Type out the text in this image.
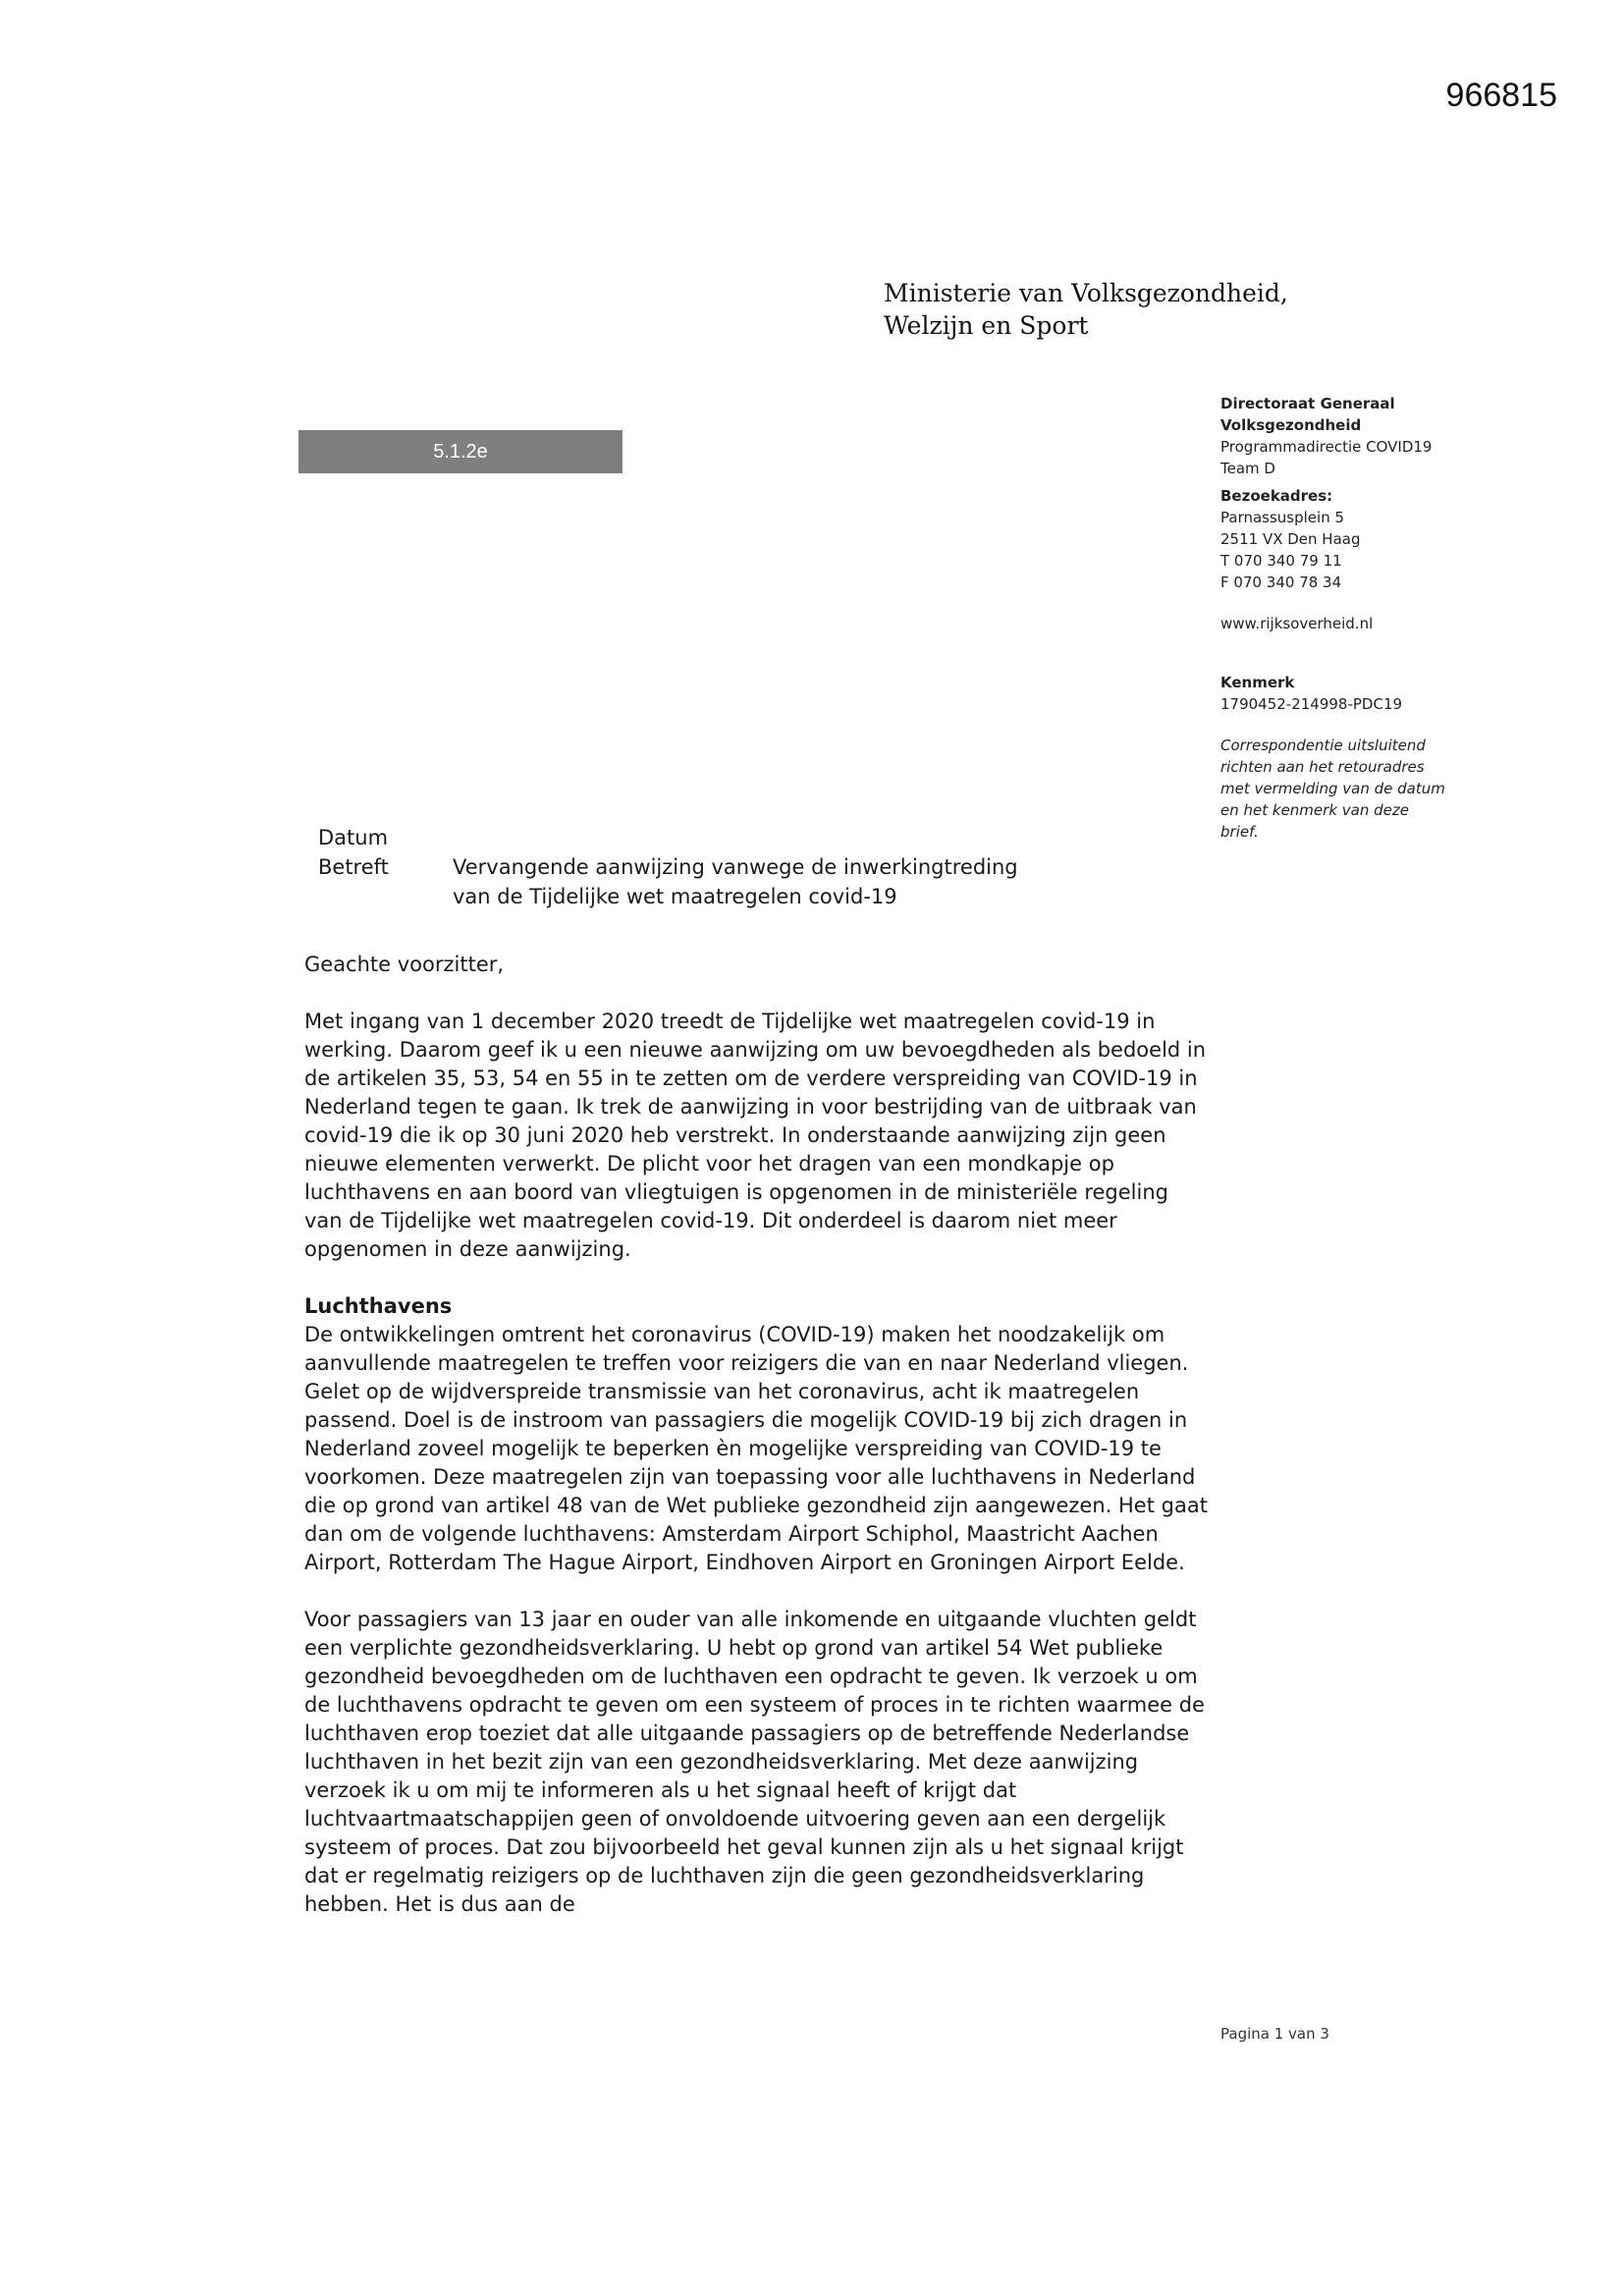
966815
Ministerie van Volksgezondheid,
Welzijn en Sport
5.1.2e
Directoraat Generaal
Volksgezondheid
Programmadirectie COVID19
Team D
Bezoekadres:
Parnassusplein 5
2511 VX Den Haag
T 070 340 79 11
F 070 340 78 34
www.rijksoverheid.nl
Kenmerk
1790452-214998-PDC19
Correspondentie uitsluitend
richten aan het retouradres
met vermelding van de datum
en het kenmerk van deze
brief.
Datum
Betreft	Vervangende aanwijzing vanwege de inwerkingtreding
van de Tijdelijke wet maatregelen covid-19

Geachte voorzitter,

Met ingang van 1 december 2020 treedt de Tijdelijke wet maatregelen covid-19 in werking. Daarom geef ik u een nieuwe aanwijzing om uw bevoegdheden als bedoeld in de artikelen 35, 53, 54 en 55 in te zetten om de verdere verspreiding van COVID-19 in Nederland tegen te gaan. Ik trek de aanwijzing in voor bestrijding van de uitbraak van covid-19 die ik op 30 juni 2020 heb verstrekt. In onderstaande aanwijzing zijn geen nieuwe elementen verwerkt. De plicht voor het dragen van een mondkapje op luchthavens en aan boord van vliegtuigen is opgenomen in de ministeriële regeling van de Tijdelijke wet maatregelen covid-19. Dit onderdeel is daarom niet meer opgenomen in deze aanwijzing.

Luchthavens

De ontwikkelingen omtrent het coronavirus (COVID-19) maken het noodzakelijk om aanvullende maatregelen te treffen voor reizigers die van en naar Nederland vliegen. Gelet op de wijdverspreide transmissie van het coronavirus, acht ik maatregelen passend. Doel is de instroom van passagiers die mogelijk COVID-19 bij zich dragen in Nederland zoveel mogelijk te beperken èn mogelijke verspreiding van COVID-19 te voorkomen. Deze maatregelen zijn van toepassing voor alle luchthavens in Nederland die op grond van artikel 48 van de Wet publieke gezondheid zijn aangewezen. Het gaat dan om de volgende luchthavens: Amsterdam Airport Schiphol, Maastricht Aachen Airport, Rotterdam The Hague Airport, Eindhoven Airport en Groningen Airport Eelde.

Voor passagiers van 13 jaar en ouder van alle inkomende en uitgaande vluchten geldt een verplichte gezondheidsverklaring. U hebt op grond van artikel 54 Wet publieke gezondheid bevoegdheden om de luchthaven een opdracht te geven. Ik verzoek u om de luchthavens opdracht te geven om een systeem of proces in te richten waarmee de luchthaven erop toeziet dat alle uitgaande passagiers op de betreffende Nederlandse luchthaven in het bezit zijn van een gezondheidsverklaring. Met deze aanwijzing verzoek ik u om mij te informeren als u het signaal heeft of krijgt dat luchtvaartmaatschappijen geen of onvoldoende uitvoering geven aan een dergelijk systeem of proces. Dat zou bijvoorbeeld het geval kunnen zijn als u het signaal krijgt dat er regelmatig reizigers op de luchthaven zijn die geen gezondheidsverklaring hebben. Het is dus aan de

Pagina 1 van 3
